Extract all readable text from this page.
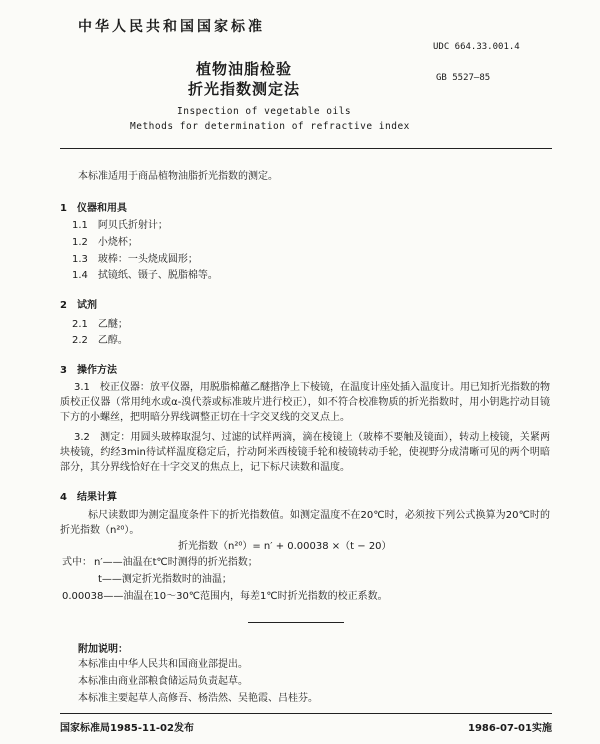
中华人民共和国国家标准
UDC 664.33.001.4
GB 5527—85
植物油脂检验
折光指数测定法
Inspection of vegetable oils
Methods for determination of refractive index
本标准适用于商品植物油脂折光指数的测定。
1　仪器和用具
1.1　阿贝氏折射计；
1.2　小烧杯；
1.3　玻棒：一头烧成圆形；
1.4　拭镜纸、镊子、脱脂棉等。
2　试剂
2.1　乙醚；
2.2　乙醇。
3　操作方法
3.1　校正仪器：放平仪器，用脱脂棉蘸乙醚揩净上下棱镜，在温度计座处插入温度计。用已知折光指数的物质校正仪器（常用纯水或α-溴代萘或标准玻片进行校正），如不符合校准物质的折光指数时，用小钥匙拧动目镜下方的小螺丝，把明暗分界线调整正切在十字交叉线的交叉点上。
3.2　测定：用圆头玻棒取混匀、过滤的试样两滴，滴在棱镜上（玻棒不要触及镜面），转动上棱镜，关紧两块棱镜，约经3min待试样温度稳定后，拧动阿米西棱镜手轮和棱镜转动手轮，使视野分成清晰可见的两个明暗部分，其分界线恰好在十字交叉的焦点上，记下标尺读数和温度。
4　结果计算
标尺读数即为测定温度条件下的折光指数值。如测定温度不在20℃时，必须按下列公式换算为20℃时的折光指数（n²⁰）。
折光指数（n²⁰）= n′ + 0.00038 ×（t − 20）
式中： n′——油温在t℃时测得的折光指数；
t——测定折光指数时的油温；
0.00038——油温在10～30℃范围内，每差1℃时折光指数的校正系数。
附加说明：
本标准由中华人民共和国商业部提出。
本标准由商业部粮食储运局负责起草。
本标准主要起草人高修吾、杨浩然、吴艳霞、吕桂芬。
国家标准局1985-11-02发布	1986-07-01实施
